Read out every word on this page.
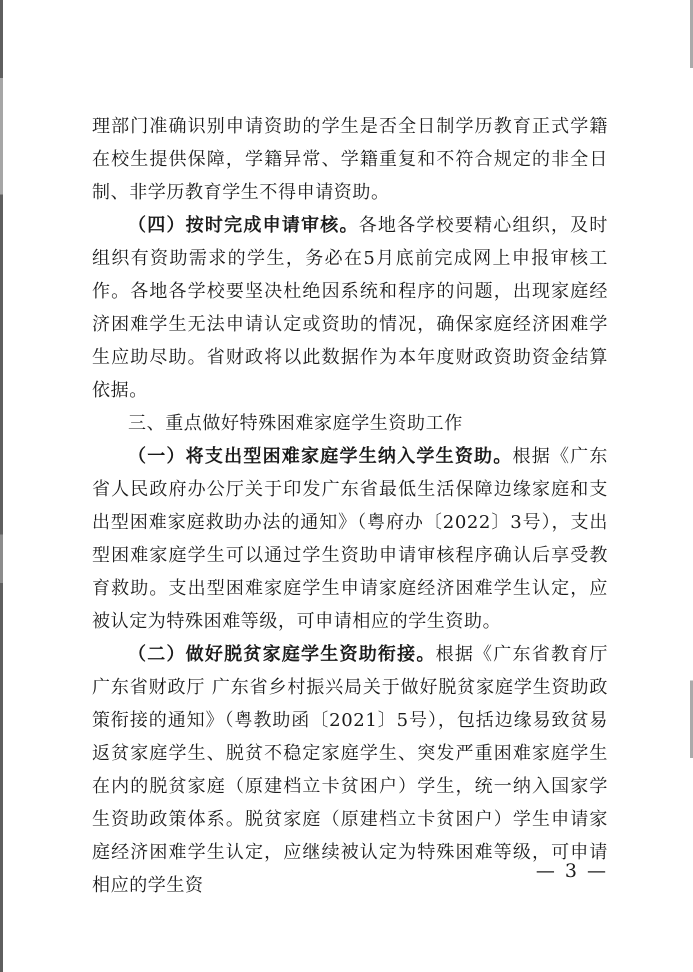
理部门准确识别申请资助的学生是否全日制学历教育正式学籍在校生提供保障，学籍异常、学籍重复和不符合规定的非全日制、非学历教育学生不得申请资助。

（四）按时完成申请审核。各地各学校要精心组织，及时组织有资助需求的学生，务必在5月底前完成网上申报审核工作。各地各学校要坚决杜绝因系统和程序的问题，出现家庭经济困难学生无法申请认定或资助的情况，确保家庭经济困难学生应助尽助。省财政将以此数据作为本年度财政资助资金结算依据。

三、重点做好特殊困难家庭学生资助工作

（一）将支出型困难家庭学生纳入学生资助。根据《广东省人民政府办公厅关于印发广东省最低生活保障边缘家庭和支出型困难家庭救助办法的通知》（粤府办〔2022〕3号），支出型困难家庭学生可以通过学生资助申请审核程序确认后享受教育救助。支出型困难家庭学生申请家庭经济困难学生认定，应被认定为特殊困难等级，可申请相应的学生资助。

（二）做好脱贫家庭学生资助衔接。根据《广东省教育厅 广东省财政厅 广东省乡村振兴局关于做好脱贫家庭学生资助政策衔接的通知》（粤教助函〔2021〕5号），包括边缘易致贫易返贫家庭学生、脱贫不稳定家庭学生、突发严重困难家庭学生在内的脱贫家庭（原建档立卡贫困户）学生，统一纳入国家学生资助政策体系。脱贫家庭（原建档立卡贫困户）学生申请家庭经济困难学生认定，应继续被认定为特殊困难等级，可申请相应的学生资

— 3 —
